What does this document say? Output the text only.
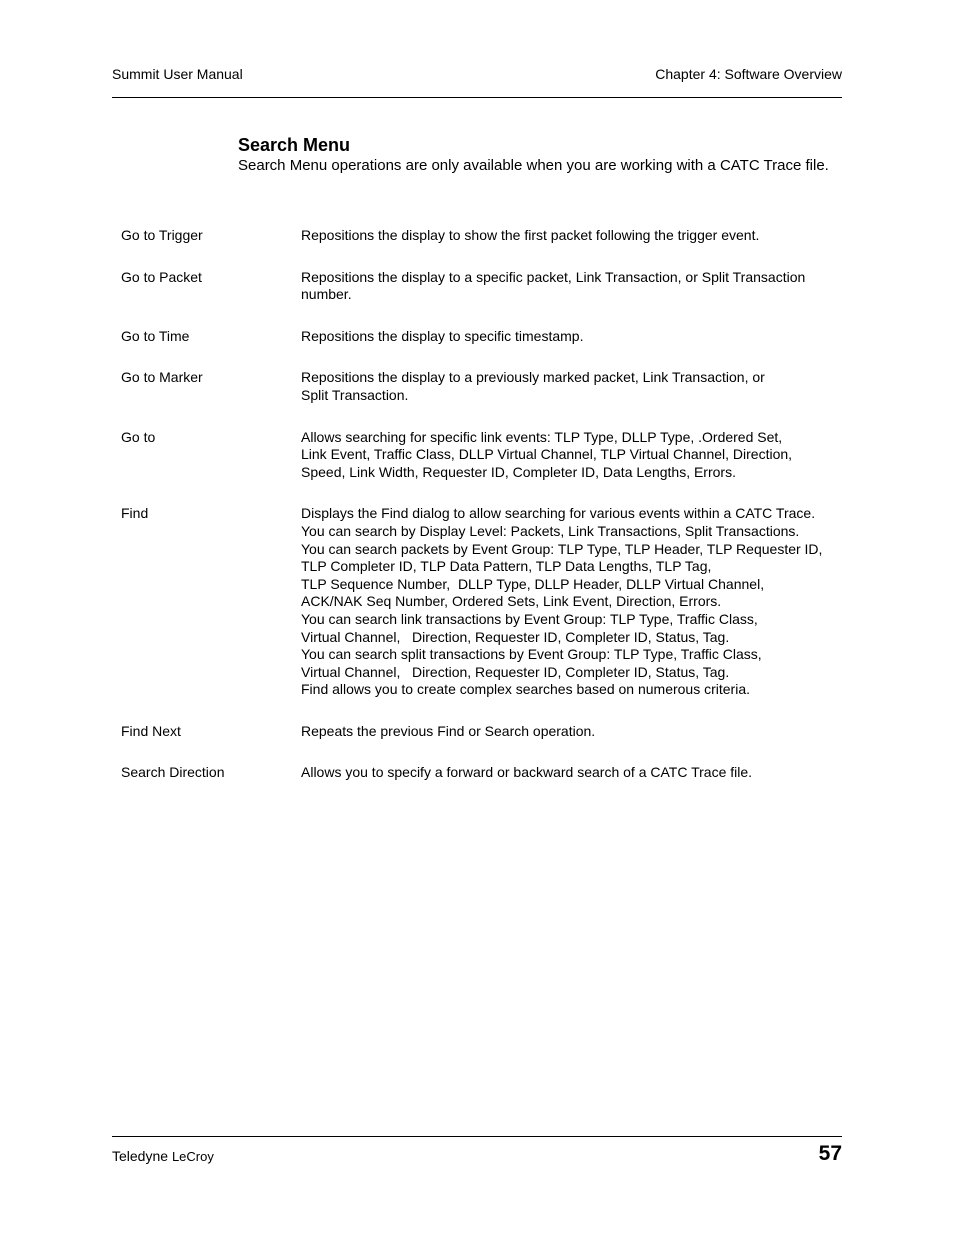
Summit User Manual	Chapter 4: Software Overview
Search Menu
Search Menu operations are only available when you are working with a CATC Trace file.
Go to Trigger	Repositions the display to show the first packet following the trigger event.
Go to Packet	Repositions the display to a specific packet, Link Transaction, or Split Transaction
number.
Go to Time	Repositions the display to specific timestamp.
Go to Marker	Repositions the display to a previously marked packet, Link Transaction, or
Split Transaction.
Go to	Allows searching for specific link events: TLP Type, DLLP Type, .Ordered Set,
Link Event, Traffic Class, DLLP Virtual Channel, TLP Virtual Channel, Direction,
Speed, Link Width, Requester ID, Completer ID, Data Lengths, Errors.
Find	Displays the Find dialog to allow searching for various events within a CATC Trace.
You can search by Display Level: Packets, Link Transactions, Split Transactions.
You can search packets by Event Group: TLP Type, TLP Header, TLP Requester ID,
TLP Completer ID, TLP Data Pattern, TLP Data Lengths, TLP Tag,
TLP Sequence Number,  DLLP Type, DLLP Header, DLLP Virtual Channel,
ACK/NAK Seq Number, Ordered Sets, Link Event, Direction, Errors.
You can search link transactions by Event Group: TLP Type, Traffic Class,
Virtual Channel,   Direction, Requester ID, Completer ID, Status, Tag.
You can search split transactions by Event Group: TLP Type, Traffic Class,
Virtual Channel,   Direction, Requester ID, Completer ID, Status, Tag.
Find allows you to create complex searches based on numerous criteria.
Find Next	Repeats the previous Find or Search operation.
Search Direction	Allows you to specify a forward or backward search of a CATC Trace file.
Teledyne LeCroy	57
